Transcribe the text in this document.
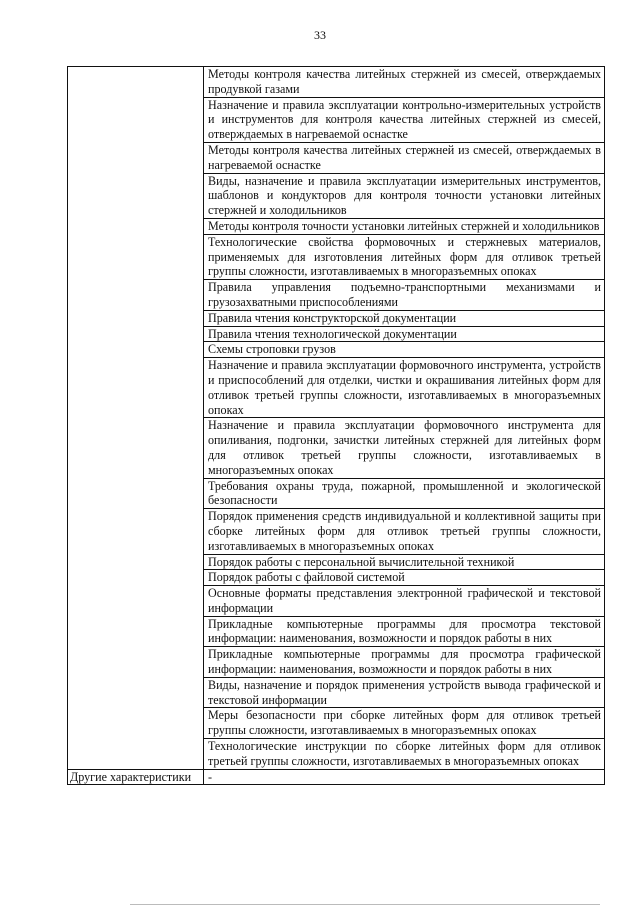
33
	Методы контроля качества литейных стержней из смесей, отверждаемых продувкой газами
	Назначение и правила эксплуатации контрольно-измерительных устройств и инструментов для контроля качества литейных стержней из смесей, отверждаемых в нагреваемой оснастке
	Методы контроля качества литейных стержней из смесей, отверждаемых в нагреваемой оснастке
	Виды, назначение и правила эксплуатации измерительных инструментов, шаблонов и кондукторов для контроля точности установки литейных стержней и холодильников
	Методы контроля точности установки литейных стержней и холодильников
	Технологические свойства формовочных и стержневых материалов, применяемых для изготовления литейных форм для отливок третьей группы сложности, изготавливаемых в многоразъемных опоках
	Правила управления подъемно-транспортными механизмами и грузозахватными приспособлениями
	Правила чтения конструкторской документации
	Правила чтения технологической документации
	Схемы строповки грузов
	Назначение и правила эксплуатации формовочного инструмента, устройств и приспособлений для отделки, чистки и окрашивания литейных форм для отливок третьей группы сложности, изготавливаемых в многоразъемных опоках
	Назначение и правила эксплуатации формовочного инструмента для опиливания, подгонки, зачистки литейных стержней для литейных форм для отливок третьей группы сложности, изготавливаемых в многоразъемных опоках
	Требования охраны труда, пожарной, промышленной и экологической безопасности
	Порядок применения средств индивидуальной и коллективной защиты при сборке литейных форм для отливок третьей группы сложности, изготавливаемых в многоразъемных опоках
	Порядок работы с персональной вычислительной техникой
	Порядок работы с файловой системой
	Основные форматы представления электронной графической и текстовой информации
	Прикладные компьютерные программы для просмотра текстовой информации: наименования, возможности и порядок работы в них
	Прикладные компьютерные программы для просмотра графической информации: наименования, возможности и порядок работы в них
	Виды, назначение и порядок применения устройств вывода графической и текстовой информации
	Меры безопасности при сборке литейных форм для отливок третьей группы сложности, изготавливаемых в многоразъемных опоках
	Технологические инструкции по сборке литейных форм для отливок третьей группы сложности, изготавливаемых в многоразъемных опоках
Другие характеристики	-
